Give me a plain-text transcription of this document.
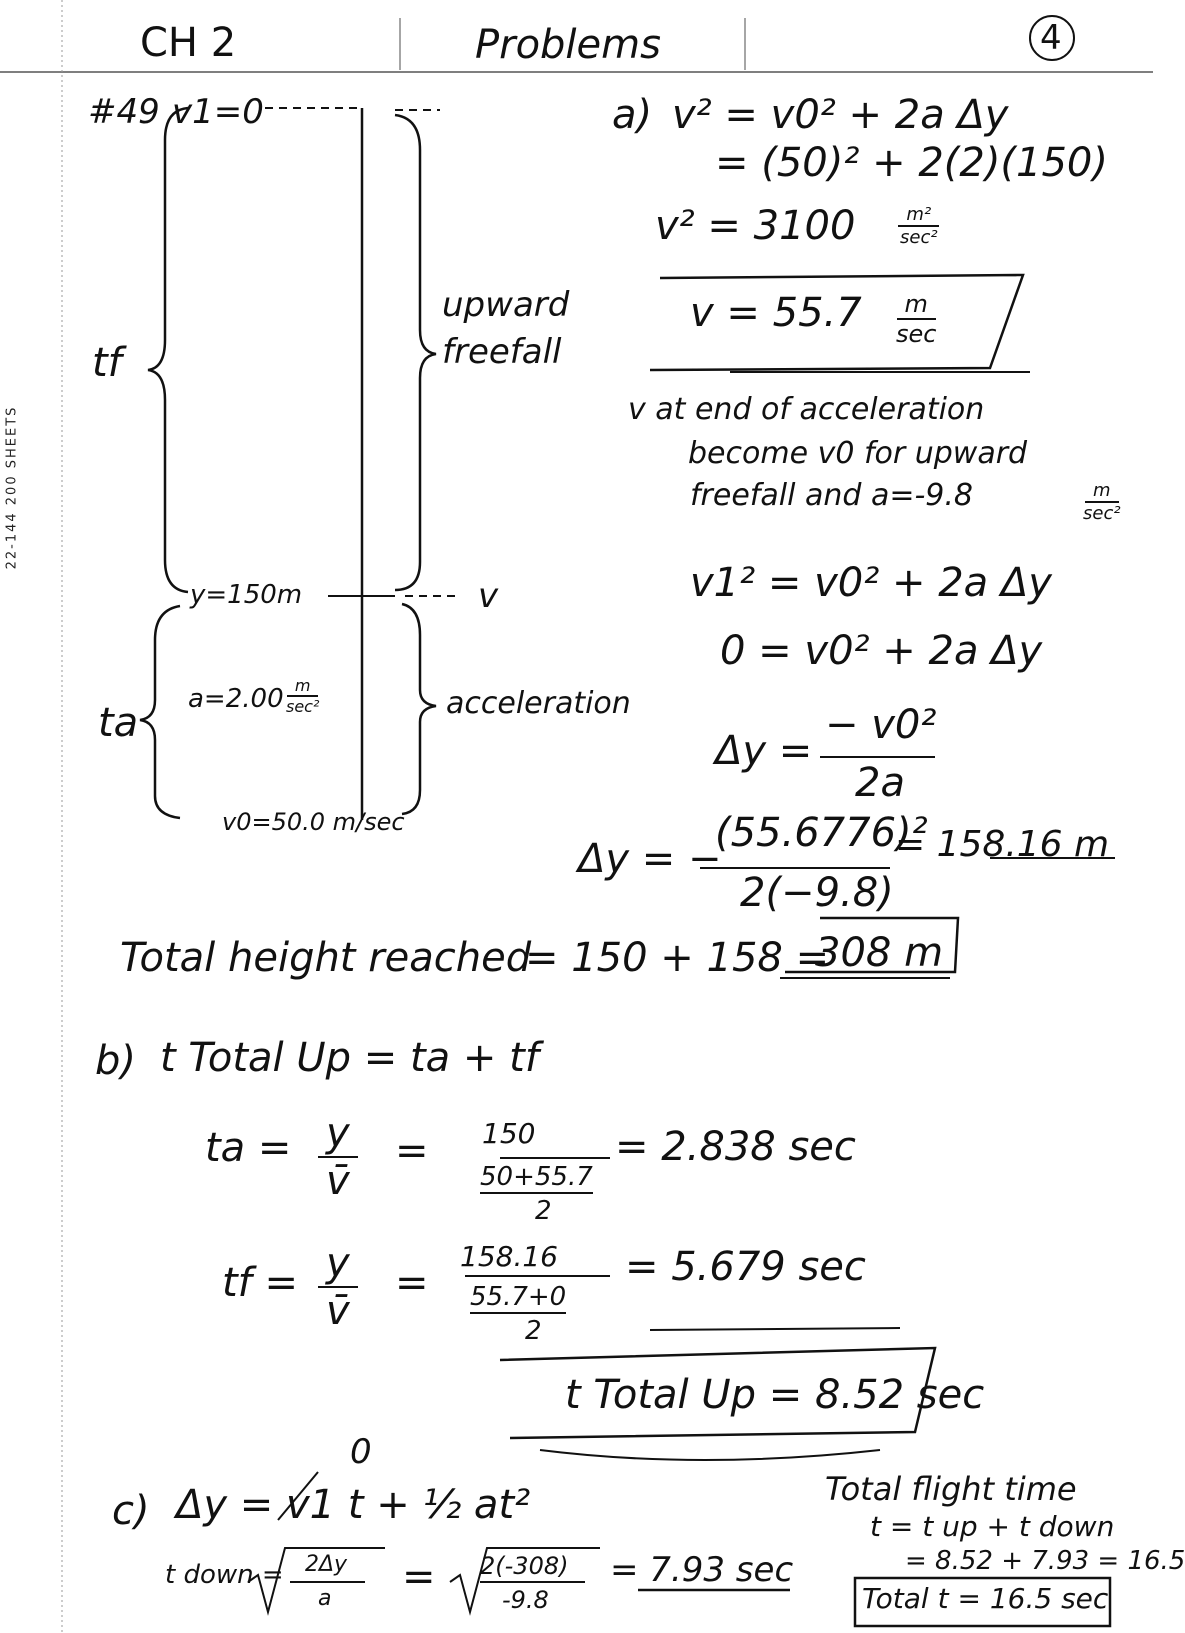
22-144 200 SHEETS
CH 2	Problems	4
#49 v1=0
tf
upward
freefall
y=150m	v
ta
a=2.00 m
sec²	acceleration
v0=50.0 m/sec
a) v² = v0² + 2a Δy
= (50)² + 2(2)(150)
v² = 3100	m²
sec²
v = 55.7	m
sec
v at end of acceleration
become v0 for upward
freefall and a=-9.8	m
sec²
v1² = v0² + 2a Δy
0 = v0² + 2a Δy
Δy =
− v0²
2a
Δy = −
(55.6776)²
2(−9.8)
= 158.16 m
Total height reached
= 150 + 158 =
308 m
b) t Total Up = ta + tf
ta = $\frac{y}{v̄} = 150$
50+55.7
2
= 2.838 sec
tf = $\frac{y}{v̄}$ =
158.16
55.7+0
2
= 5.679 sec
t Total Up = 8.52 sec
c)
0
Δy = v1 t + ½ at²
t down = 2Δy
a = 2(-308)
-9.8
= 7.93 sec
Total flight time
t = t up + t down
= 8.52 + 7.93 = 16.5
Total t = 16.5 sec
